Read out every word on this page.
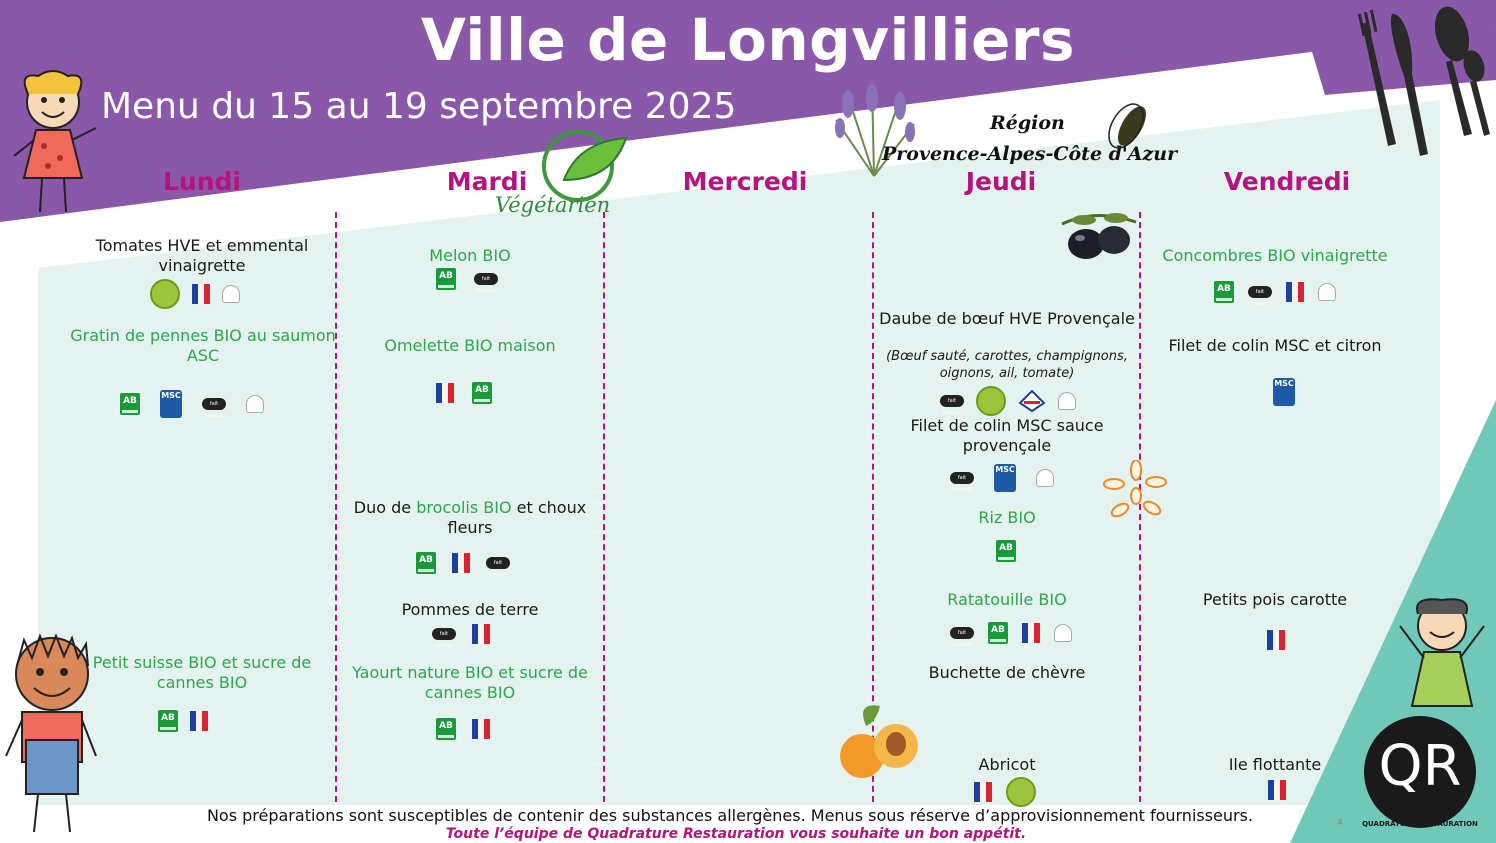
Ville de Longvilliers
Menu du 15 au 19 septembre 2025	Région
Provence-Alpes-Côte d'Azur
Végétarien
Lundi	Mardi	Mercredi	Jeudi	Vendredi
Tomates HVE et emmental vinaigrette
Gratin de pennes BIO au saumon ASC
AB
MSC
fait maison
Petit suisse BIO et sucre de cannes BIO
AB
Melon BIO
AB	fait maison
Omelette BIO maison
AB
Duo de brocolis BIO et choux fleurs
AB	fait maison
Pommes de terre
fait maison
Yaourt nature BIO et sucre de cannes BIO
AB
Daube de bœuf HVE Provençale
(Bœuf sauté, carottes, champignons, oignons, ail, tomate)
fait maison
Filet de colin MSC sauce provençale
fait maison
MSC
Riz BIO
AB
Ratatouille BIO
fait maison
AB
Buchette de chèvre
Abricot
Concombres BIO vinaigrette
AB	fait maison
Filet de colin MSC et citron
MSC
Petits pois carotte
Ile flottante	QR
QUADRATURE RESTAURATION
Nos préparations sont susceptibles de contenir des substances allergènes. Menus sous réserve d’approvisionnement fournisseurs.
Toute l’équipe de Quadrature Restauration vous souhaite un bon appétit.
4
